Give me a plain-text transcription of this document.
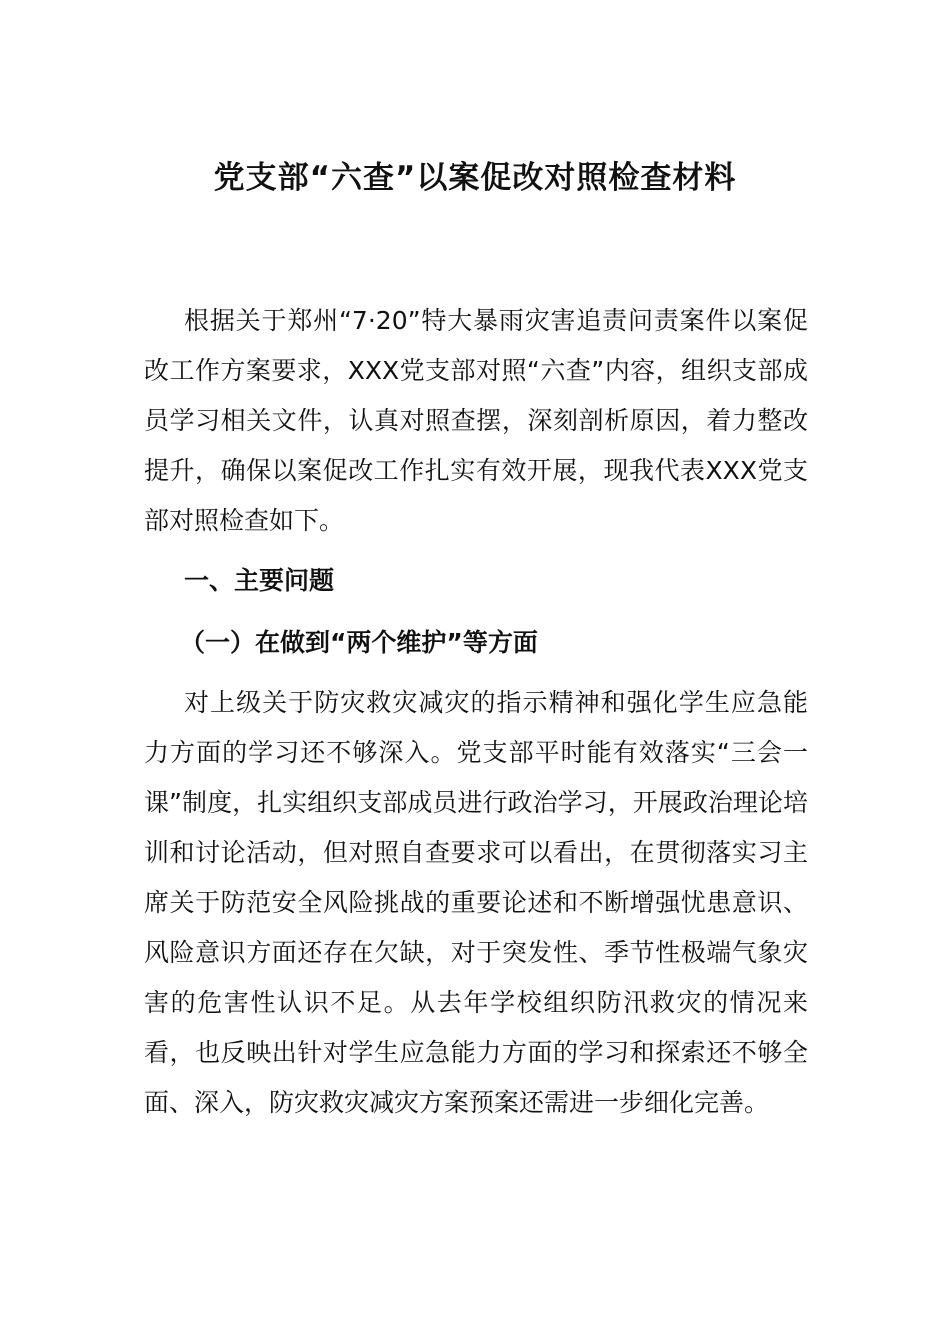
党支部“六查”以案促改对照检查材料

根据关于郑州“7·20”特大暴雨灾害追责问责案件以案促改工作方案要求，XXX党支部对照“六查”内容，组织支部成员学习相关文件，认真对照查摆，深刻剖析原因，着力整改提升，确保以案促改工作扎实有效开展，现我代表XXX党支部对照检查如下。

一、主要问题
（一）在做到“两个维护”等方面

对上级关于防灾救灾减灾的指示精神和强化学生应急能力方面的学习还不够深入。党支部平时能有效落实“三会一课”制度，扎实组织支部成员进行政治学习，开展政治理论培训和讨论活动，但对照自查要求可以看出，在贯彻落实习主席关于防范安全风险挑战的重要论述和不断增强忧患意识、风险意识方面还存在欠缺，对于突发性、季节性极端气象灾害的危害性认识不足。从去年学校组织防汛救灾的情况来看，也反映出针对学生应急能力方面的学习和探索还不够全面、深入，防灾救灾减灾方案预案还需进一步细化完善。
